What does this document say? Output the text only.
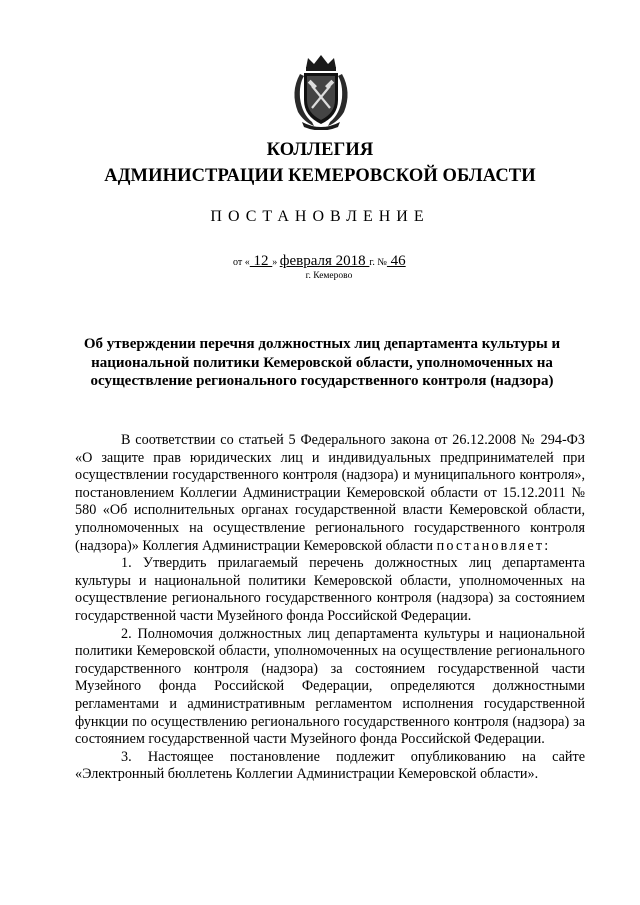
КОЛЛЕГИЯ
АДМИНИСТРАЦИИ КЕМЕРОВСКОЙ ОБЛАСТИ
ПОСТАНОВЛЕНИЕ
от « 12 » февраля 2018 г. № 46
г. Кемерово
Об утверждении перечня должностных лиц департамента культуры и национальной политики Кемеровской области, уполномоченных на осуществление регионального государственного контроля (надзора)

В соответствии со статьей 5 Федерального закона от 26.12.2008 № 294-ФЗ «О защите прав юридических лиц и индивидуальных предпринимателей при осуществлении государственного контроля (надзора) и муниципального контроля», постановлением Коллегии Администрации Кемеровской области от 15.12.2011 № 580 «Об исполнительных органах государственной власти Кемеровской области, уполномоченных на осуществление регионального государственного контроля (надзора)» Коллегия Администрации Кемеровской области постановляет:

1. Утвердить прилагаемый перечень должностных лиц департамента культуры и национальной политики Кемеровской области, уполномоченных на осуществление регионального государственного контроля (надзора) за состоянием государственной части Музейного фонда Российской Федерации.

2. Полномочия должностных лиц департамента культуры и национальной политики Кемеровской области, уполномоченных на осуществление регионального государственного контроля (надзора) за состоянием государственной части Музейного фонда Российской Федерации, определяются должностными регламентами и административным регламентом исполнения государственной функции по осуществлению регионального государственного контроля (надзора) за состоянием государственной части Музейного фонда Российской Федерации.

3. Настоящее постановление подлежит опубликованию на сайте «Электронный бюллетень Коллегии Администрации Кемеровской области».
